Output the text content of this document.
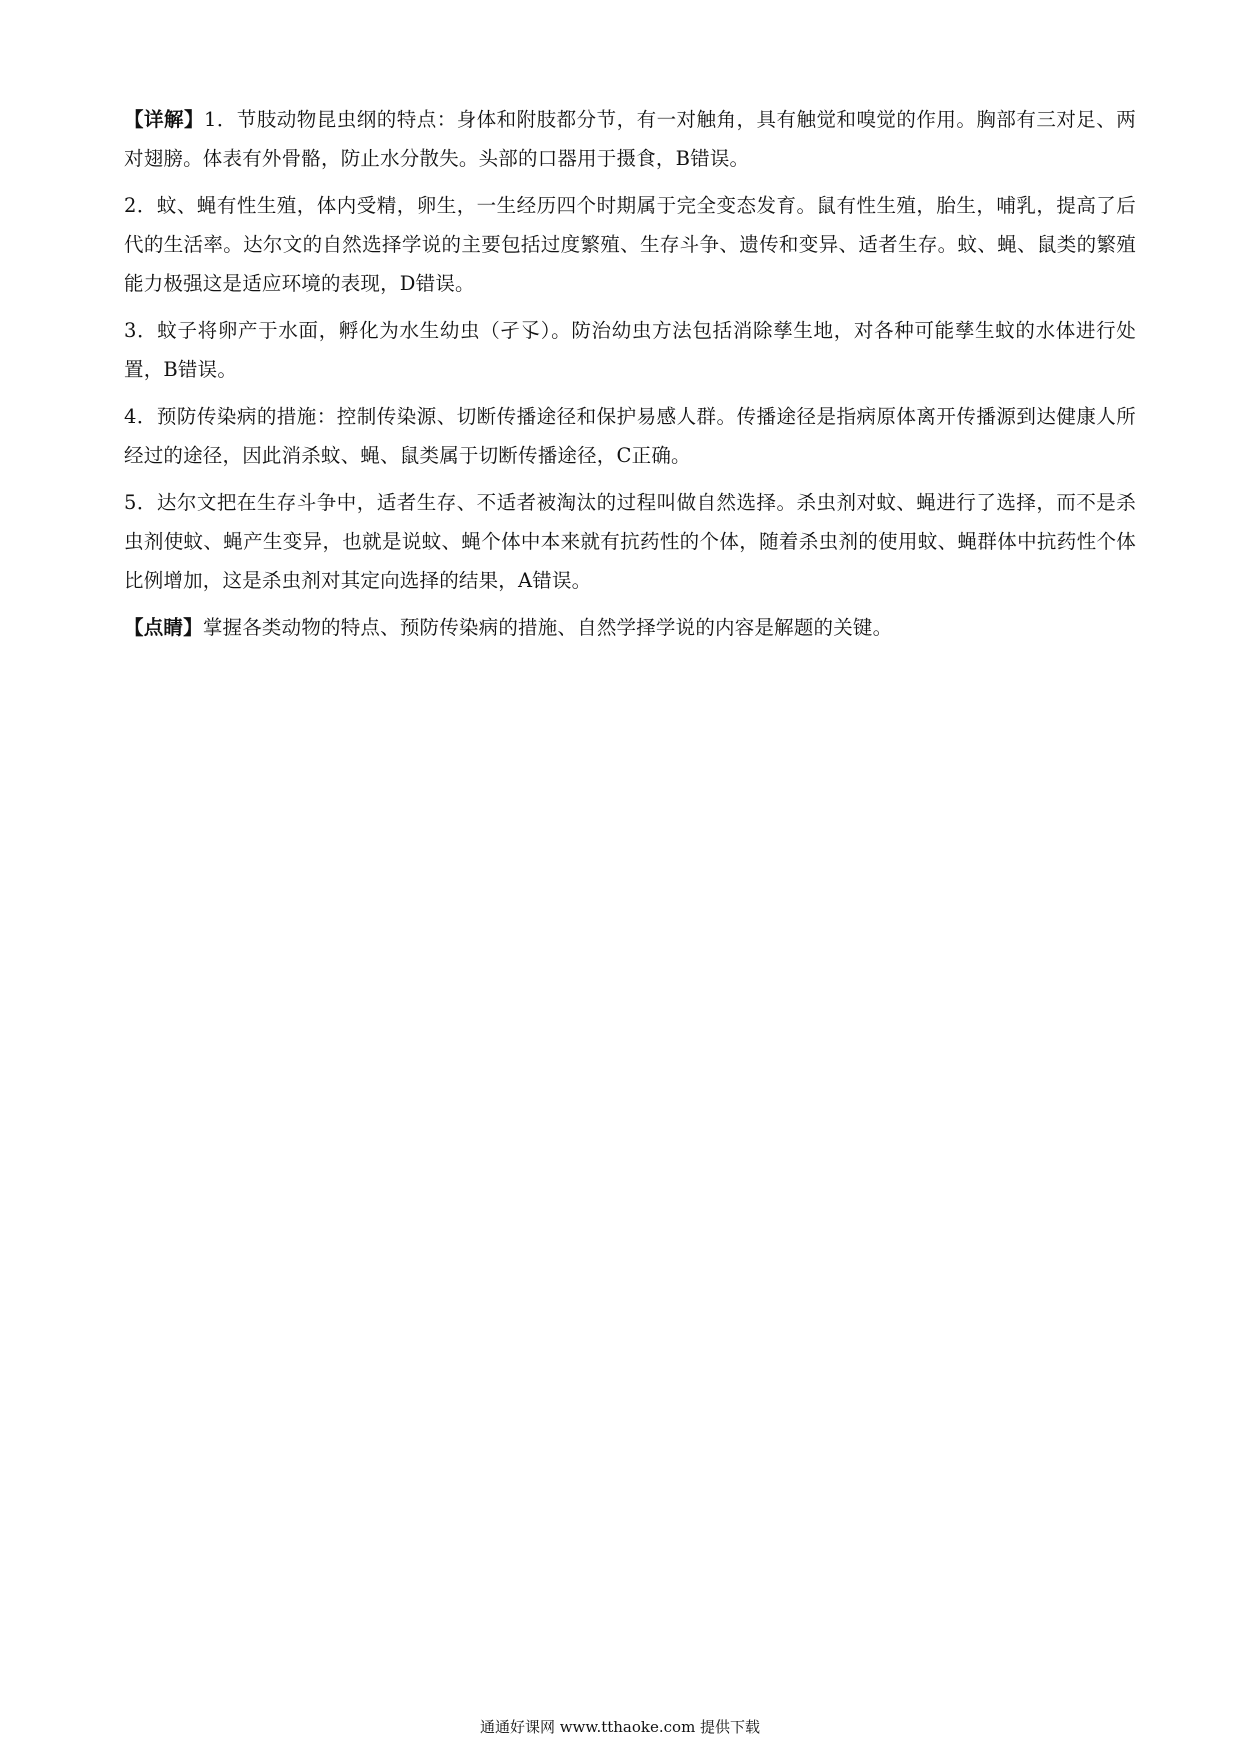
【详解】1．节肢动物昆虫纲的特点：身体和附肢都分节，有一对触角，具有触觉和嗅觉的作用。胸部有三对足、两对翅膀。体表有外骨骼，防止水分散失。头部的口器用于摄食，B错误。

2．蚊、蝇有性生殖，体内受精，卵生，一生经历四个时期属于完全变态发育。鼠有性生殖，胎生，哺乳，提高了后代的生活率。达尔文的自然选择学说的主要包括过度繁殖、生存斗争、遗传和变异、适者生存。蚊、蝇、鼠类的繁殖能力极强这是适应环境的表现，D错误。

3．蚊子将卵产于水面，孵化为水生幼虫（孑孓）。防治幼虫方法包括消除孳生地，对各种可能孳生蚊的水体进行处置，B错误。

4．预防传染病的措施：控制传染源、切断传播途径和保护易感人群。传播途径是指病原体离开传播源到达健康人所经过的途径，因此消杀蚊、蝇、鼠类属于切断传播途径，C正确。

5．达尔文把在生存斗争中，适者生存、不适者被淘汰的过程叫做自然选择。杀虫剂对蚊、蝇进行了选择，而不是杀虫剂使蚊、蝇产生变异，也就是说蚊、蝇个体中本来就有抗药性的个体，随着杀虫剂的使用蚊、蝇群体中抗药性个体比例增加，这是杀虫剂对其定向选择的结果，A错误。

【点睛】掌握各类动物的特点、预防传染病的措施、自然学择学说的内容是解题的关键。

通通好课网 www.tthaoke.com 提供下载
